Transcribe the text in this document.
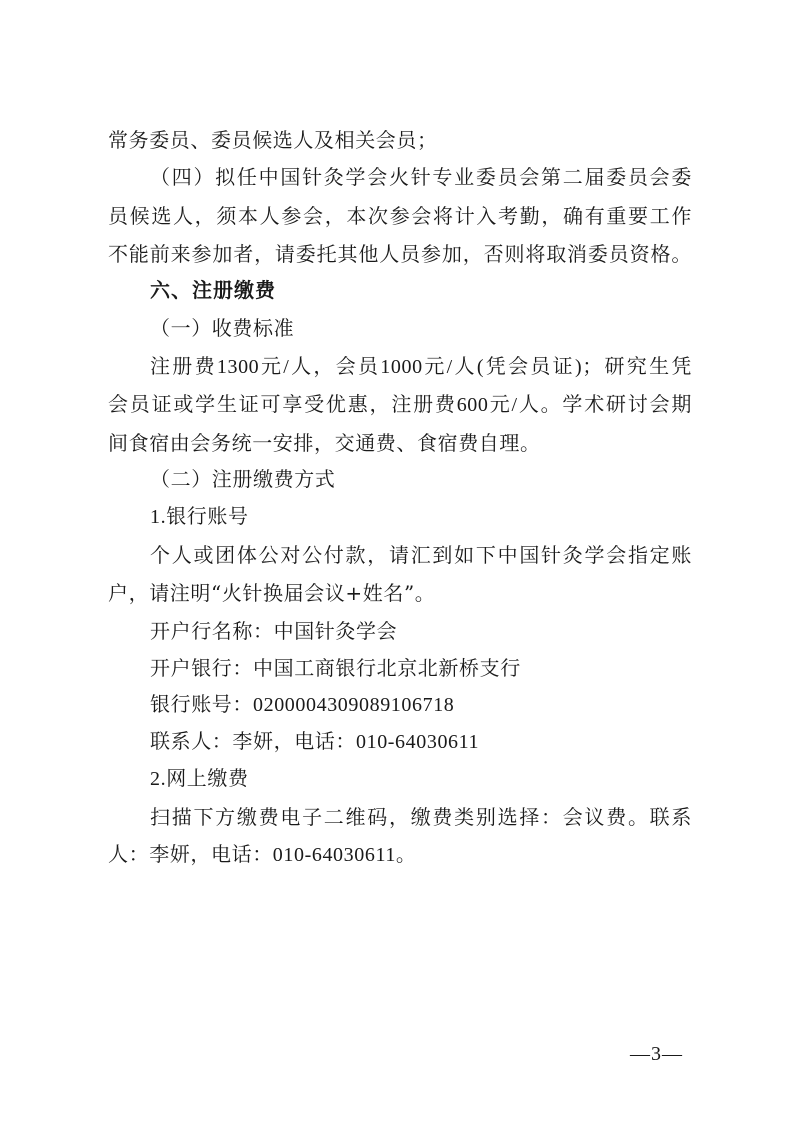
常务委员、委员候选人及相关会员；
（四）拟任中国针灸学会火针专业委员会第二届委员会委
员候选人，须本人参会，本次参会将计入考勤，确有重要工作
不能前来参加者，请委托其他人员参加，否则将取消委员资格。
六、注册缴费
（一）收费标准
注册费1300元/人，会员1000元/人(凭会员证)；研究生凭
会员证或学生证可享受优惠，注册费600元/人。学术研讨会期
间食宿由会务统一安排，交通费、食宿费自理。
（二）注册缴费方式
1.银行账号
个人或团体公对公付款，请汇到如下中国针灸学会指定账
户，请注明“火针换届会议+姓名”。
开户行名称：中国针灸学会
开户银行：中国工商银行北京北新桥支行
银行账号：0200004309089106718
联系人：李妍，电话：010-64030611
2.网上缴费
扫描下方缴费电子二维码，缴费类别选择：会议费。联系
人：李妍，电话：010-64030611。
—3—
